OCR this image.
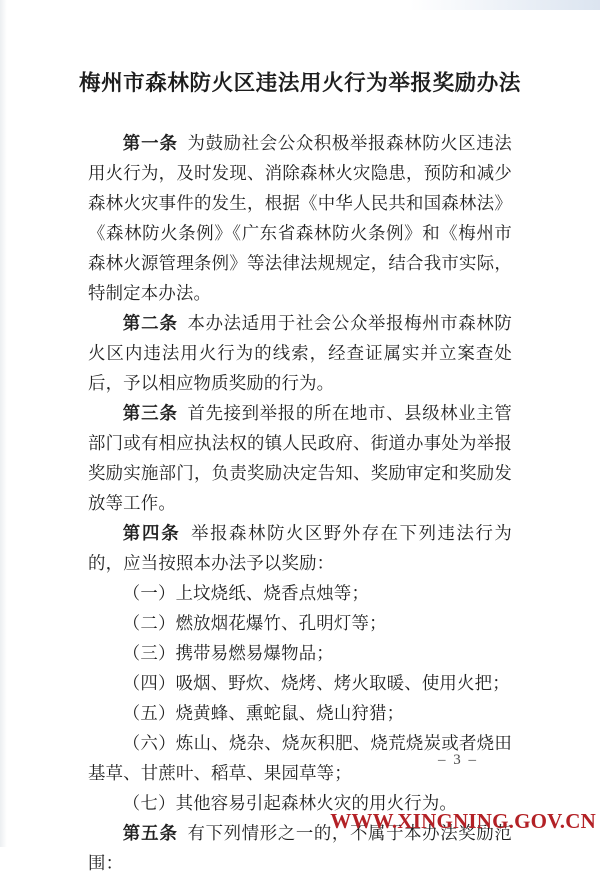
梅州市森林防火区违法用火行为举报奖励办法

第一条 为鼓励社会公众积极举报森林防火区违法用火行为，及时发现、消除森林火灾隐患，预防和减少森林火灾事件的发生，根据《中华人民共和国森林法》《森林防火条例》《广东省森林防火条例》和《梅州市森林火源管理条例》等法律法规规定，结合我市实际，特制定本办法。

第二条 本办法适用于社会公众举报梅州市森林防火区内违法用火行为的线索，经查证属实并立案查处后，予以相应物质奖励的行为。

第三条 首先接到举报的所在地市、县级林业主管部门或有相应执法权的镇人民政府、街道办事处为举报奖励实施部门，负责奖励决定告知、奖励审定和奖励发放等工作。

第四条 举报森林防火区野外存在下列违法行为的，应当按照本办法予以奖励：

（一）上坟烧纸、烧香点烛等；

（二）燃放烟花爆竹、孔明灯等；

（三）携带易燃易爆物品；

（四）吸烟、野炊、烧烤、烤火取暖、使用火把；

（五）烧黄蜂、熏蛇鼠、烧山狩猎；

（六）炼山、烧杂、烧灰积肥、烧荒烧炭或者烧田基草、甘蔗叶、稻草、果园草等；

（七）其他容易引起森林火灾的用火行为。

第五条 有下列情形之一的，不属于本办法奖励范围：

– 3 –
WWW.XINGNING.GOV.CN
